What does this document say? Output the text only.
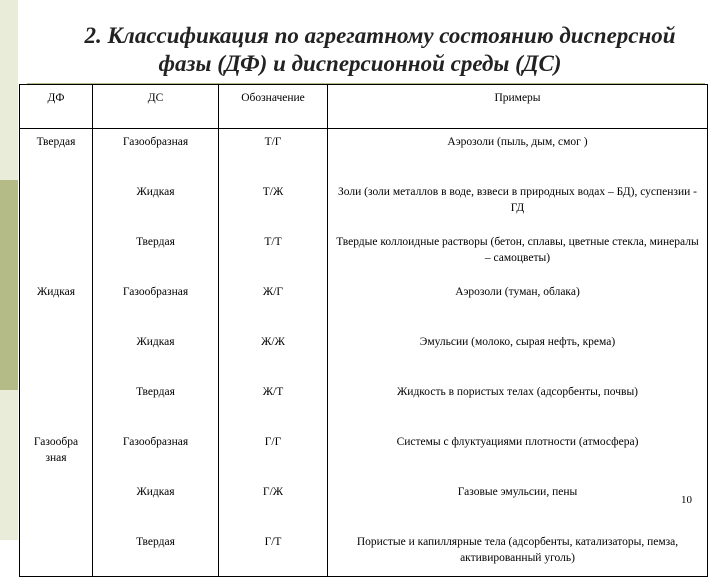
2. Классификация по агрегатному состоянию дисперсной

фазы (ДФ) и дисперсионной среды (ДС)
ДФ	ДС	Обозначение	Примеры
Твердая	Газообразная	Т/Г	Аэрозоли (пыль, дым, смог )
	Жидкая	Т/Ж	Золи (золи металлов в воде, взвеси в природных водах – БД), суспензии - ГД
	Твердая	Т/Т	Твердые коллоидные растворы (бетон, сплавы, цветные стекла, минералы – самоцветы)
Жидкая	Газообразная	Ж/Г	Аэрозоли (туман, облака)
	Жидкая	Ж/Ж	Эмульсии (молоко, сырая нефть, крема)
	Твердая	Ж/Т	Жидкость в пористых телах (адсорбенты, почвы)
Газообра зная	Газообразная	Г/Г	Системы с флуктуациями плотности (атмосфера)
	Жидкая	Г/Ж	Газовые эмульсии, пены
	Твердая	Г/Т	Пористые и капиллярные тела (адсорбенты, катализаторы, пемза, активированный уголь)
10
